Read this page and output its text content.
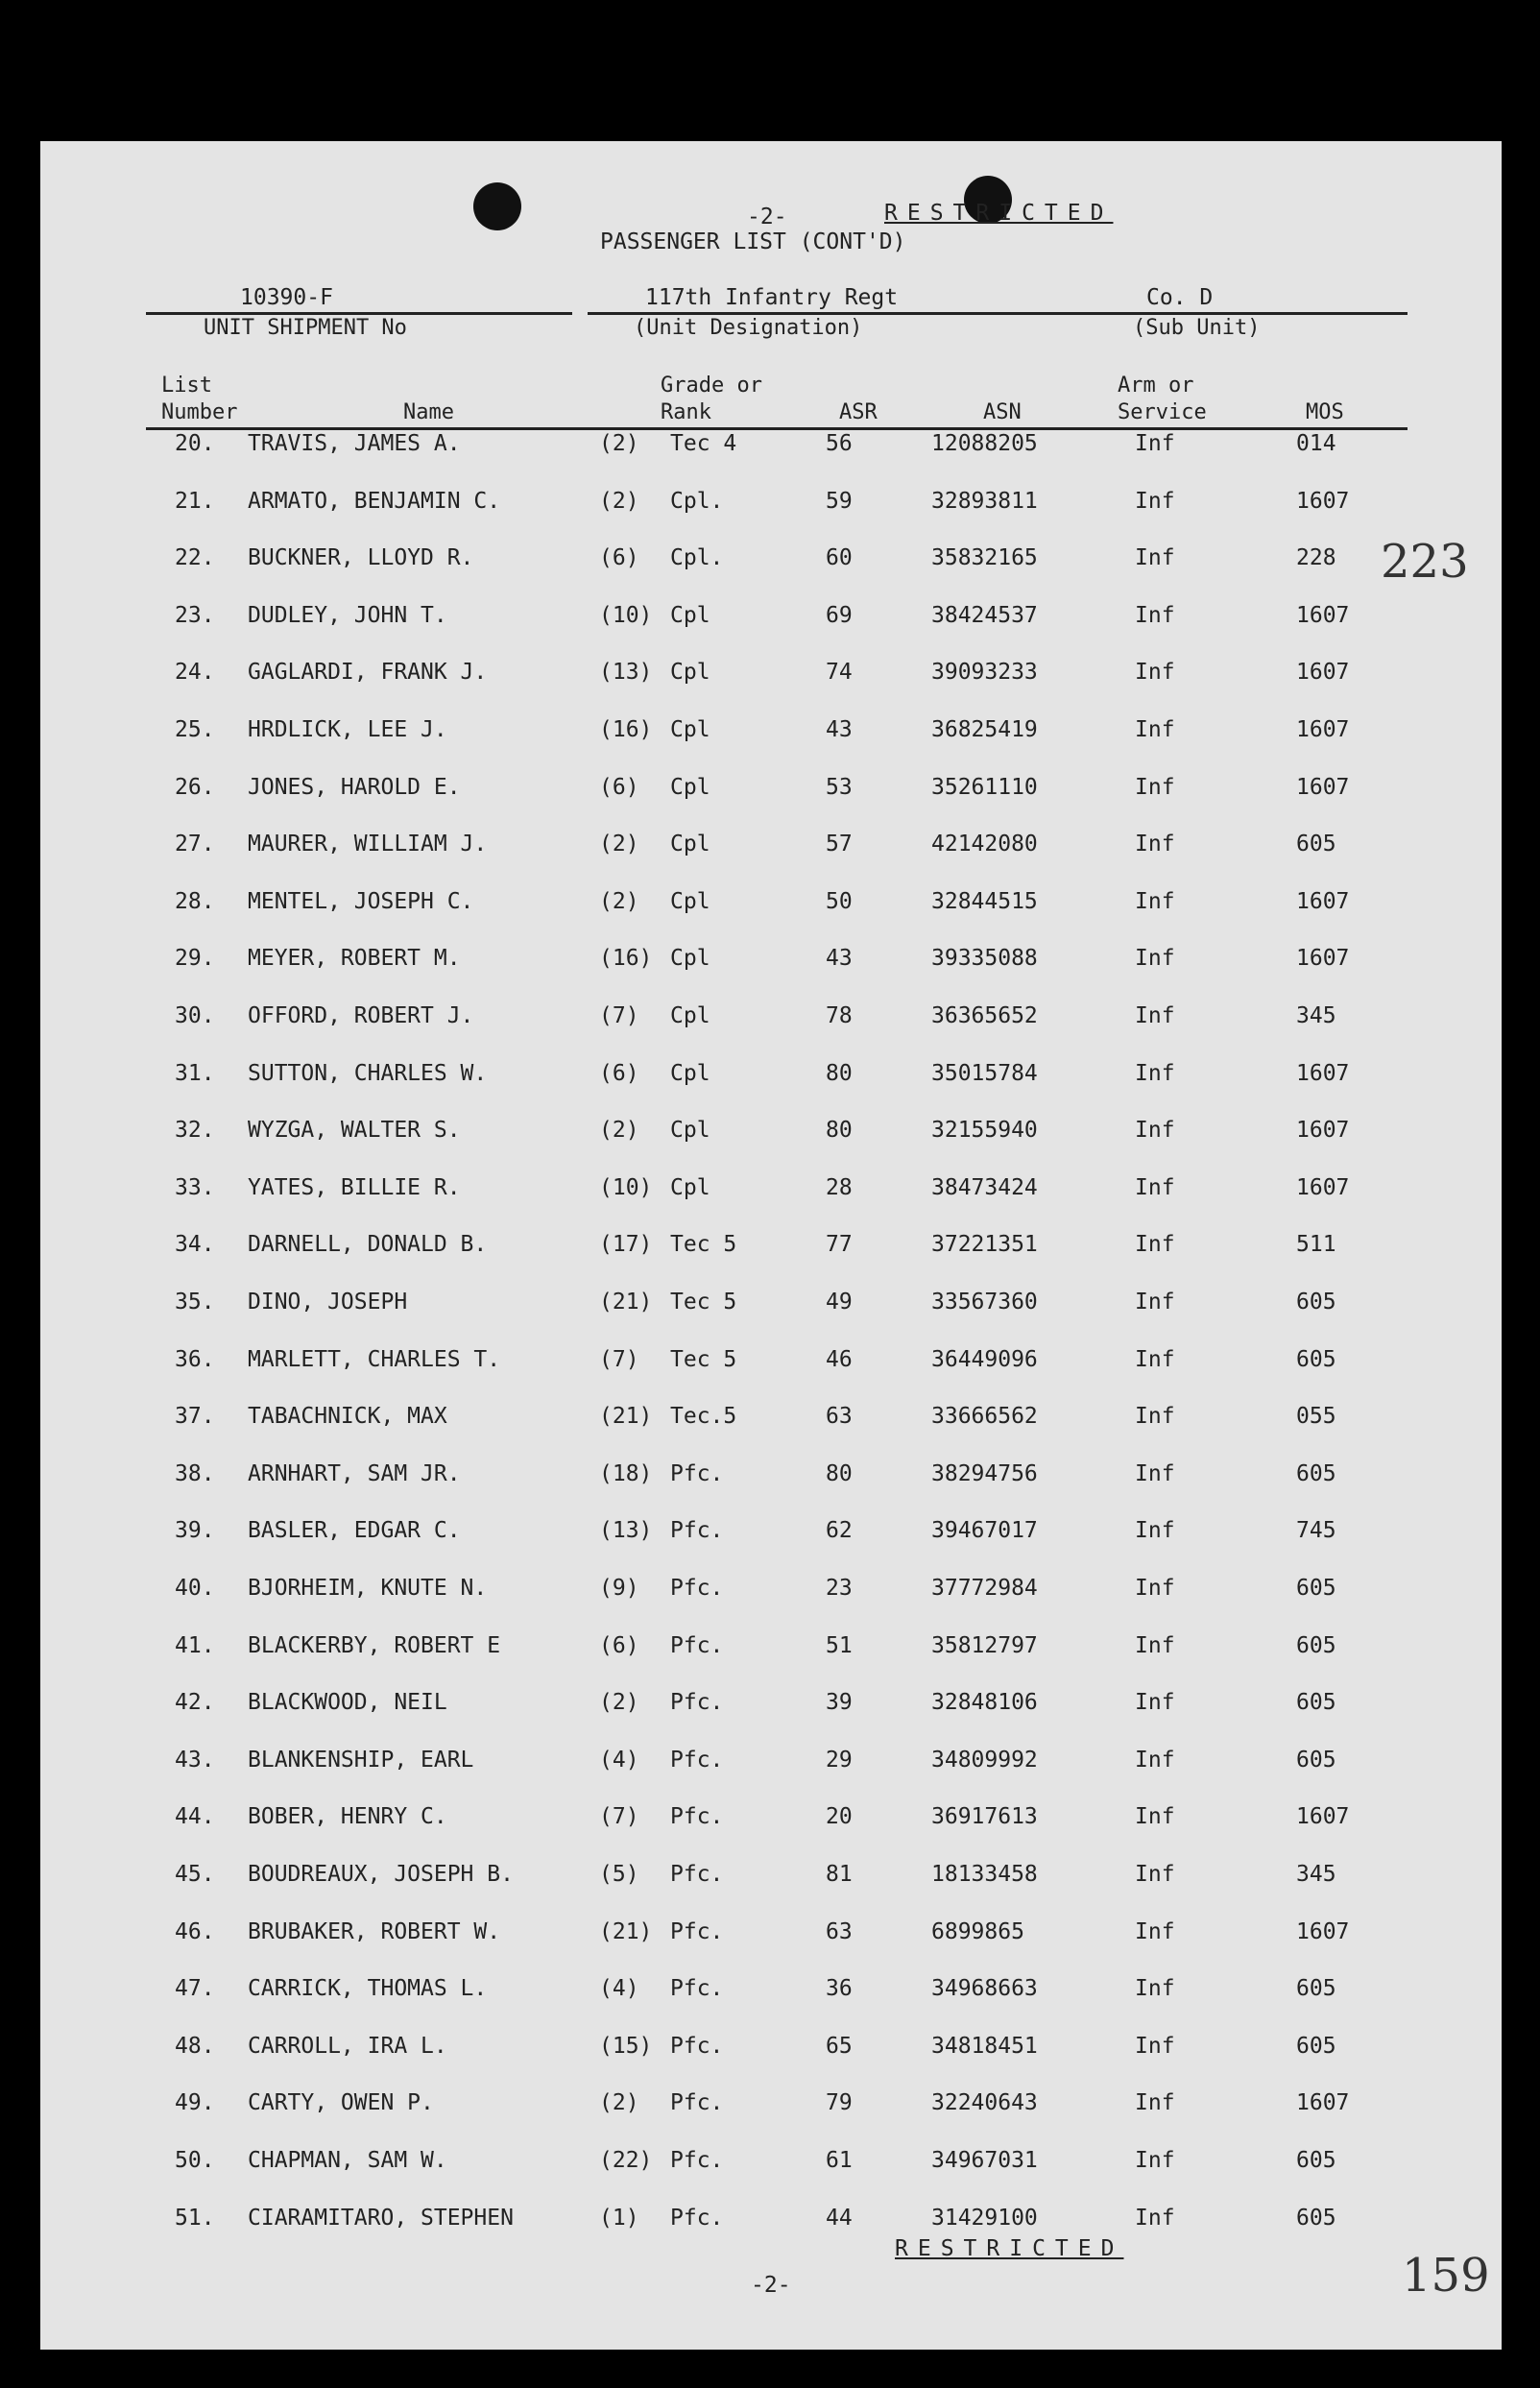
-2-	RESTRICTED
PASSENGER LIST (CONT'D)
10390-F
UNIT SHIPMENT No
117th Infantry Regt
(Unit Designation)
Co. D
(Sub Unit)
List
Number	Name
Grade or
Rank	ASR	ASN
Arm or
Service	MOS
20. TRAVIS, JAMES A.	(2) Tec 4	56	12088205	Inf	014
21. ARMATO, BENJAMIN C.	(2) Cpl.	59	32893811	Inf	1607
22. BUCKNER, LLOYD R.	(6) Cpl.	60	35832165	Inf	228
23. DUDLEY, JOHN T.	(10) Cpl	69	38424537	Inf	1607
24. GAGLARDI, FRANK J.	(13) Cpl	74	39093233	Inf	1607
25. HRDLICK, LEE J.	(16) Cpl	43	36825419	Inf	1607
26. JONES, HAROLD E.	(6) Cpl	53	35261110	Inf	1607
27. MAURER, WILLIAM J.	(2) Cpl	57	42142080	Inf	605
28. MENTEL, JOSEPH C.	(2) Cpl	50	32844515	Inf	1607
29. MEYER, ROBERT M.	(16) Cpl	43	39335088	Inf	1607
30. OFFORD, ROBERT J.	(7) Cpl	78	36365652	Inf	345
31. SUTTON, CHARLES W.	(6) Cpl	80	35015784	Inf	1607
32. WYZGA, WALTER S.	(2) Cpl	80	32155940	Inf	1607
33. YATES, BILLIE R.	(10) Cpl	28	38473424	Inf	1607
34. DARNELL, DONALD B.	(17) Tec 5	77	37221351	Inf	511
35. DINO, JOSEPH	(21) Tec 5	49	33567360	Inf	605
36. MARLETT, CHARLES T.	(7) Tec 5	46	36449096	Inf	605
37. TABACHNICK, MAX	(21) Tec.5	63	33666562	Inf	055
38. ARNHART, SAM JR.	(18) Pfc.	80	38294756	Inf	605
39. BASLER, EDGAR C.	(13) Pfc.	62	39467017	Inf	745
40. BJORHEIM, KNUTE N.	(9) Pfc.	23	37772984	Inf	605
41. BLACKERBY, ROBERT E	(6) Pfc.	51	35812797	Inf	605
42. BLACKWOOD, NEIL	(2) Pfc.	39	32848106	Inf	605
43. BLANKENSHIP, EARL	(4) Pfc.	29	34809992	Inf	605
44. BOBER, HENRY C.	(7) Pfc.	20	36917613	Inf	1607
45. BOUDREAUX, JOSEPH B.	(5) Pfc.	81	18133458	Inf	345
46. BRUBAKER, ROBERT W.	(21) Pfc.	63	6899865	Inf	1607
47. CARRICK, THOMAS L.	(4) Pfc.	36	34968663	Inf	605
48. CARROLL, IRA L.	(15) Pfc.	65	34818451	Inf	605
49. CARTY, OWEN P.	(2) Pfc.	79	32240643	Inf	1607
50. CHAPMAN, SAM W.	(22) Pfc.	61	34967031	Inf	605
51. CIARAMITARO, STEPHEN	(1) Pfc.	44	31429100	Inf	605
RESTRICTED
-2-
223
159
